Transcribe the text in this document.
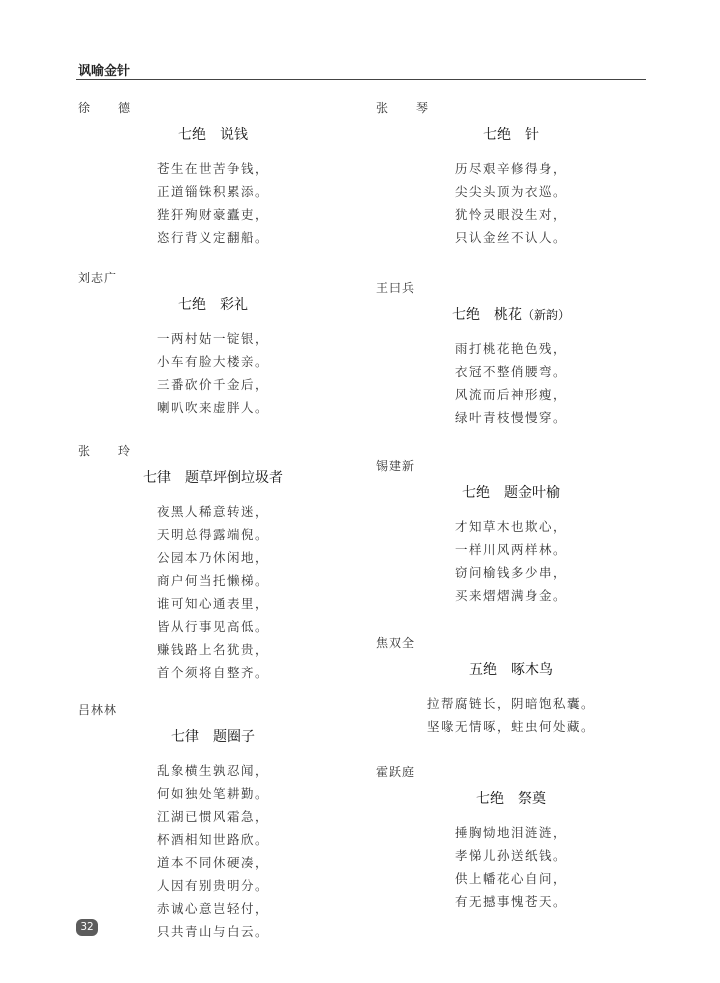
讽喻金针
徐　德
七绝 说钱
苍生在世苦争钱，
正道锱铢积累添。
狴犴殉财豪蠹吏，
恣行背义定翻船。
刘志广
七绝 彩礼
一两村姑一锭银，
小车有脸大楼亲。
三番砍价千金后，
喇叭吹来虚胖人。
张　玲
七律 题草坪倒垃圾者
夜黑人稀意转迷，
天明总得露端倪。
公园本乃休闲地，
商户何当托懒梯。
谁可知心通表里，
皆从行事见高低。
赚钱路上名犹贵，
首个须将自整齐。
吕林林
七律 题圈子
乱象横生孰忍闻，
何如独处笔耕勤。
江湖已惯风霜急，
杯酒相知世路欣。
道本不同休硬凑，
人因有别贵明分。
赤诚心意岂轻付，
只共青山与白云。
张　琴
七绝 针
历尽艰辛修得身，
尖尖头顶为衣巡。
犹怜灵眼没生对，
只认金丝不认人。
王曰兵
七绝 桃花（新韵）
雨打桃花艳色残，
衣冠不整俏腰弯。
风流而后神形瘦，
绿叶青枝慢慢穿。
锡建新
七绝 题金叶榆
才知草木也欺心，
一样川风两样林。
窃问榆钱多少串，
买来熠熠满身金。
焦双全
五绝 啄木鸟
拉帮腐链长，阴暗饱私囊。
坚喙无情啄，蛀虫何处藏。
霍跃庭
七绝 祭奠
捶胸恸地泪涟涟，
孝悌儿孙送纸钱。
供上幡花心自问，
有无撼事愧苍天。
32
